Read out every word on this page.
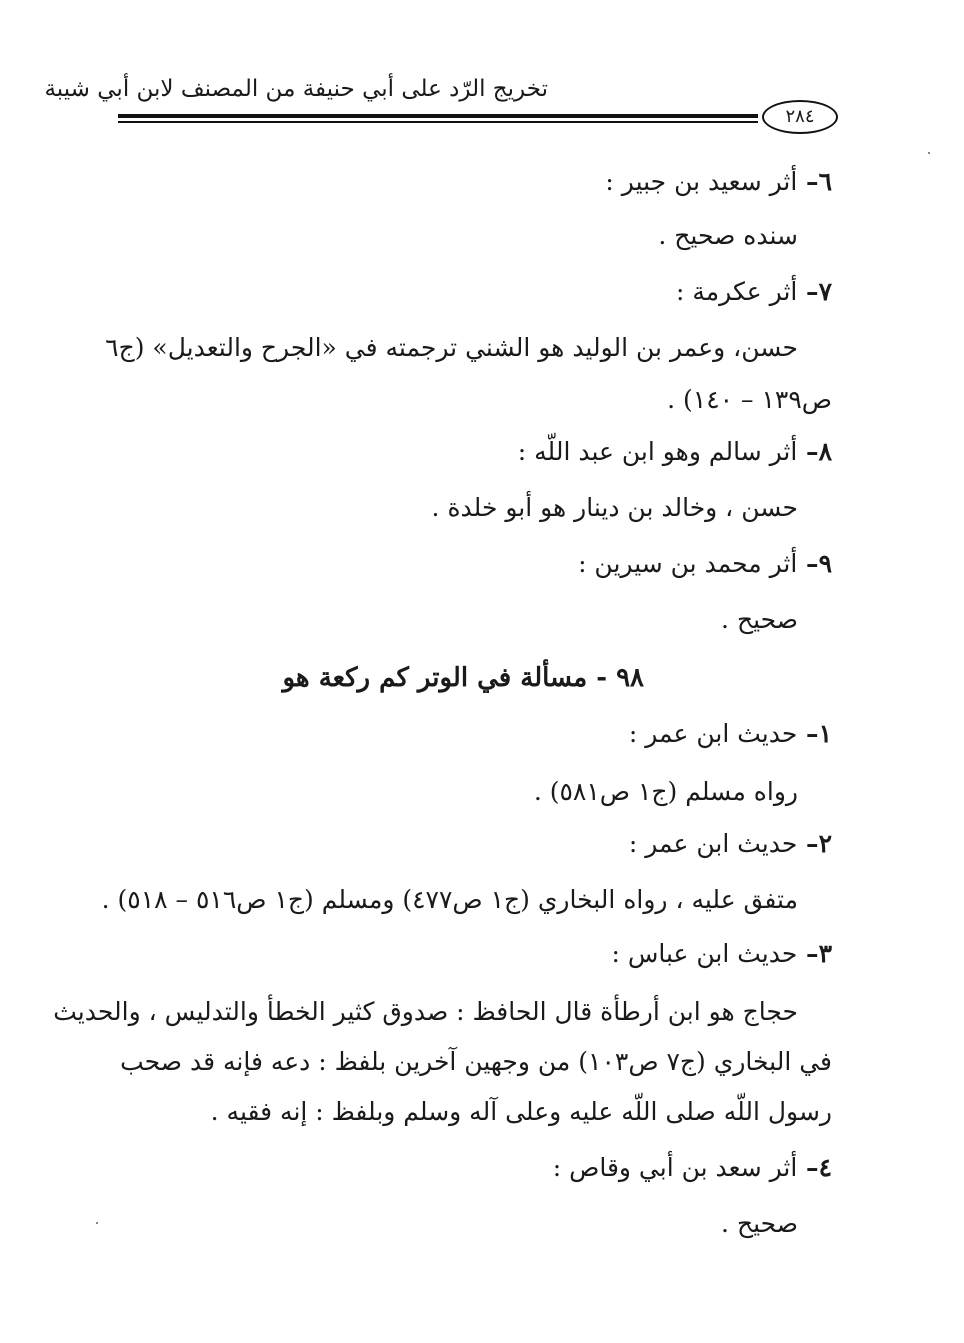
تخريج الرّد على أبي حنيفة من المصنف لابن أبي شيبة
٢٨٤
٦– أثر سعيد بن جبير :
سنده صحيح .
٧– أثر عكرمة :
حسن، وعمر بن الوليد هو الشني ترجمته في «الجرح والتعديل» (ج٦
ص١٣٩ – ١٤٠) .
٨– أثر سالم وهو ابن عبد اللّه :
حسن ، وخالد بن دينار هو أبو خلدة .
٩– أثر محمد بن سيرين :
صحيح .
٩٨ - مسألة في الوتر كم ركعة هو
١– حديث ابن عمر :
رواه مسلم (ج١ ص٥٨١) .
٢– حديث ابن عمر :
متفق عليه ، رواه البخاري (ج١ ص٤٧٧) ومسلم (ج١ ص٥١٦ – ٥١٨) .
٣– حديث ابن عباس :
حجاج هو ابن أرطأة قال الحافظ : صدوق كثير الخطأ والتدليس ، والحديث
في البخاري (ج٧ ص١٠٣) من وجهين آخرين بلفظ : دعه فإنه قد صحب
رسول اللّه صلى اللّه عليه وعلى آله وسلم وبلفظ : إنه فقيه .
٤– أثر سعد بن أبي وقاص :
صحيح .
